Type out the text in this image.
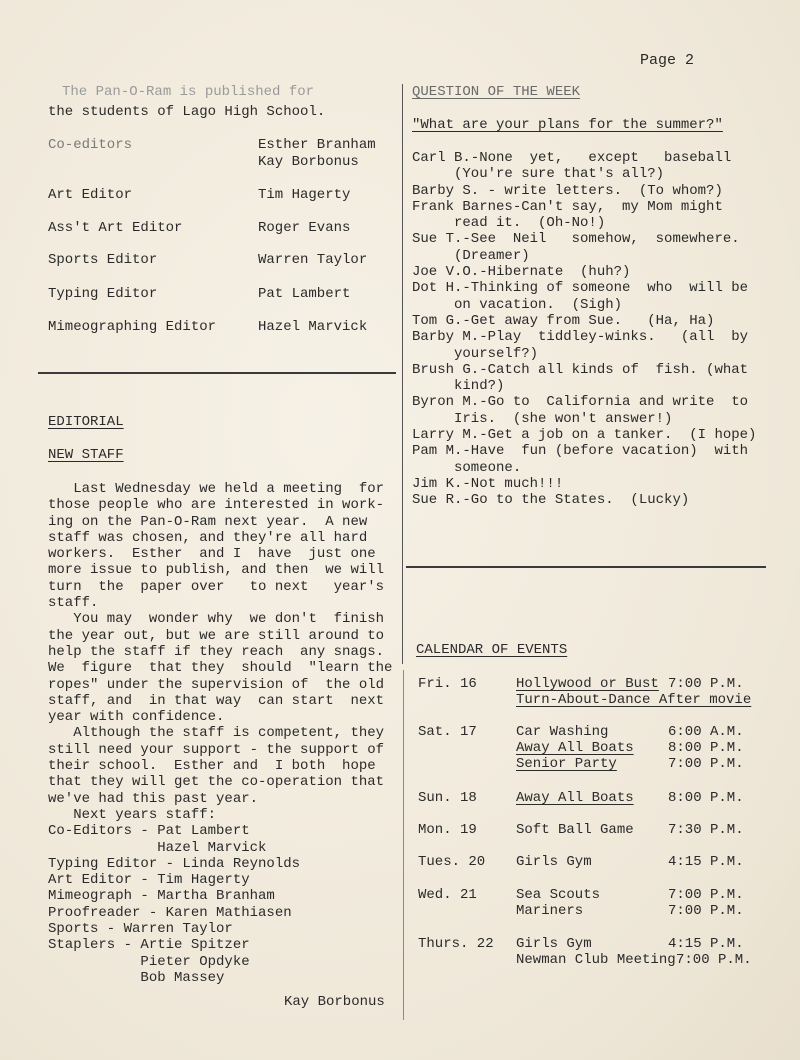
Page 2
The Pan-O-Ram is published for
the students of Lago High School.
Co-editors	Esther Branham
Kay Borbonus
Art Editor	Tim Hagerty
Ass't Art Editor	Roger Evans
Sports Editor	Warren Taylor
Typing Editor	Pat Lambert
Mimeographing Editor	Hazel Marvick
EDITORIAL
NEW STAFF
Last Wednesday we held a meeting  for
those people who are interested in work-
ing on the Pan-O-Ram next year.  A new
staff was chosen, and they're all hard
workers.  Esther  and I  have  just one
more issue to publish, and then  we will
turn  the  paper over   to next   year's
staff.
You may  wonder why  we don't  finish
the year out, but we are still around to
help the staff if they reach  any snags.
We  figure  that they  should  "learn the
ropes" under the supervision of  the old
staff, and  in that way  can start  next
year with confidence.
Although the staff is competent, they
still need your support - the support of
their school.  Esther and  I both  hope
that they will get the co-operation that
we've had this past year.
Next years staff:
Co-Editors - Pat Lambert
Hazel Marvick
Typing Editor - Linda Reynolds
Art Editor - Tim Hagerty
Mimeograph - Martha Branham
Proofreader - Karen Mathiasen
Sports - Warren Taylor
Staplers - Artie Spitzer
Pieter Opdyke
Bob Massey
Kay Borbonus
QUESTION OF THE WEEK
"What are your plans for the summer?"
Carl B.-None  yet,   except   baseball
(You're sure that's all?)
Barby S. - write letters.  (To whom?)
Frank Barnes-Can't say,  my Mom might
read it.  (Oh-No!)
Sue T.-See  Neil   somehow,  somewhere.
(Dreamer)
Joe V.O.-Hibernate  (huh?)
Dot H.-Thinking of someone  who  will be
on vacation.  (Sigh)
Tom G.-Get away from Sue.   (Ha, Ha)
Barby M.-Play  tiddley-winks.   (all  by
yourself?)
Brush G.-Catch all kinds of  fish. (what
kind?)
Byron M.-Go to  California and write  to
Iris.  (she won't answer!)
Larry M.-Get a job on a tanker.  (I hope)
Pam M.-Have  fun (before vacation)  with
someone.
Jim K.-Not much!!!
Sue R.-Go to the States.  (Lucky)
CALENDAR OF EVENTS
Fri. 16	Hollywood or Bust 7:00 P.M.
Turn-About-Dance After movie
Sat. 17	Car Washing	6:00 A.M.
Away All Boats 8:00 P.M.
Senior Party	7:00 P.M.
Sun. 18	Away All Boats 8:00 P.M.
Mon. 19	Soft Ball Game 7:30 P.M.
Tues. 20 Girls Gym	4:15 P.M.
Wed. 21	Sea Scouts	7:00 P.M.
Mariners	7:00 P.M.
Thurs. 22 Girls Gym	4:15 P.M.
Newman Club Meeting 7:00 P.M.
